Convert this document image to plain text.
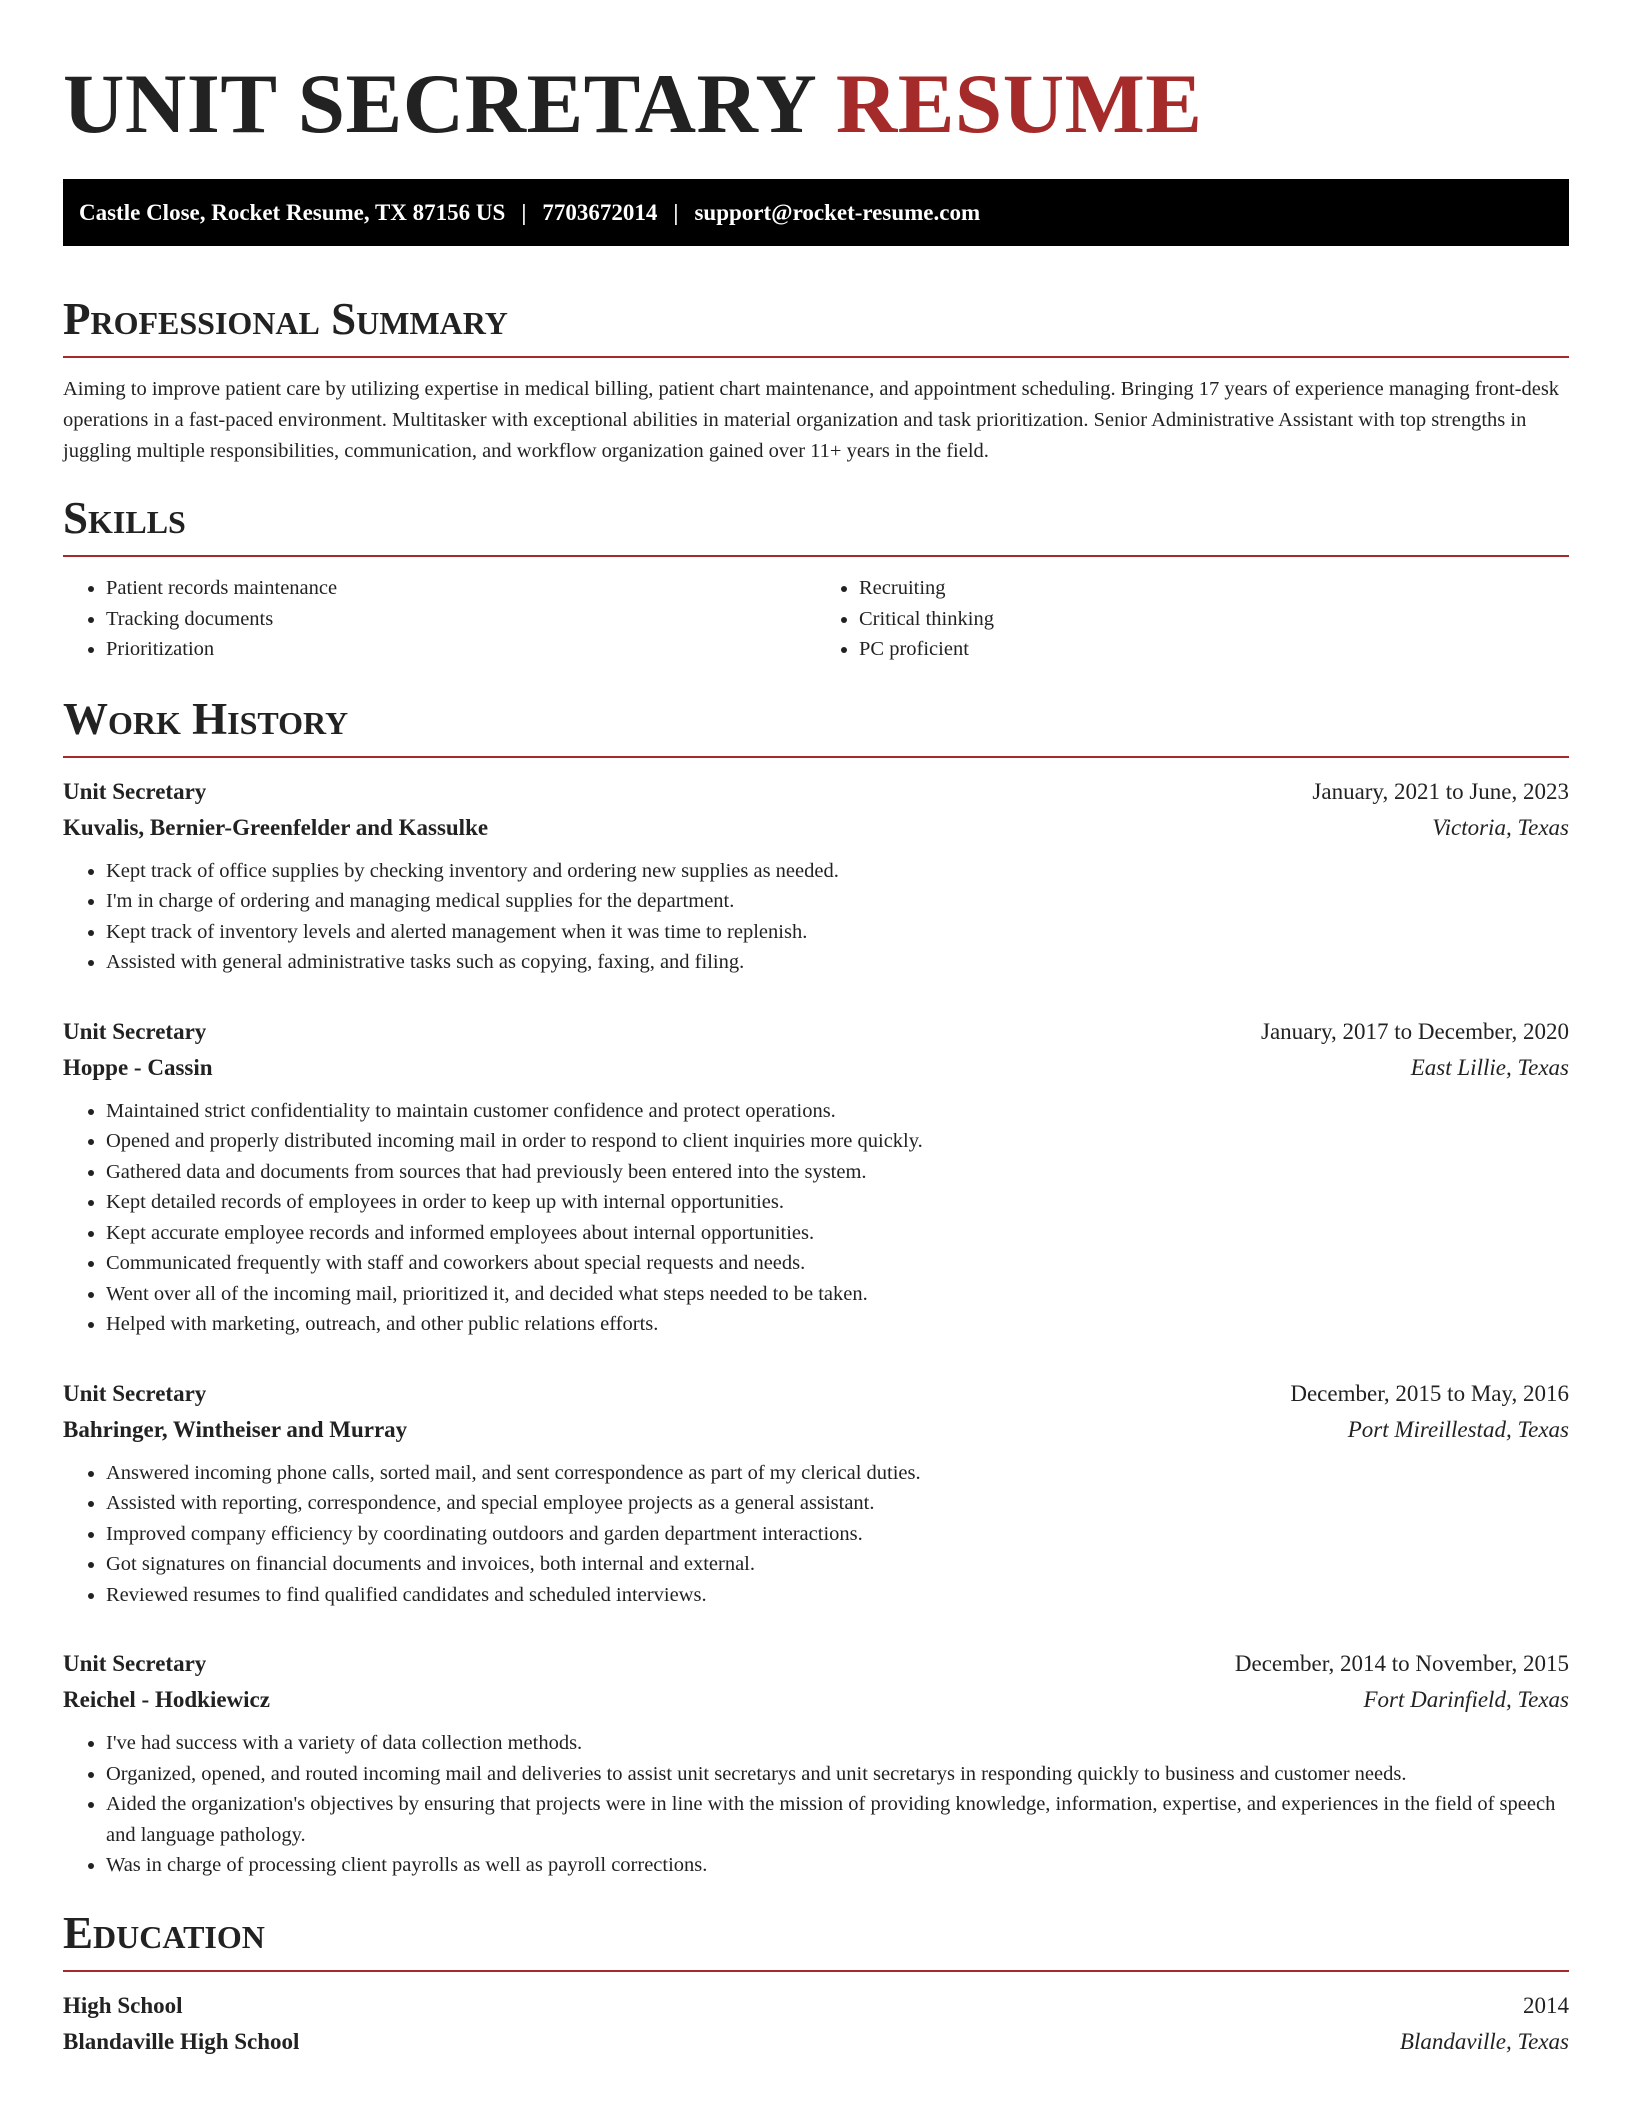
UNIT SECRETARY RESUME
Castle Close, Rocket Resume, TX 87156 US | 7703672014 | support@rocket-resume.com
Professional Summary

Aiming to improve patient care by utilizing expertise in medical billing, patient chart maintenance, and appointment scheduling. Bringing 17 years of experience managing front-desk operations in a fast-paced environment. Multitasker with exceptional abilities in material organization and task prioritization. Senior Administrative Assistant with top strengths in juggling multiple responsibilities, communication, and workflow organization gained over 11+ years in the field.

Skills
• Patient records maintenance
• Tracking documents
• Prioritization
• Recruiting
• Critical thinking
• PC proficient
Work History
Unit Secretary	January, 2021 to June, 2023
Kuvalis, Bernier-Greenfelder and Kassulke	Victoria, Texas
• Kept track of office supplies by checking inventory and ordering new supplies as needed.
• I'm in charge of ordering and managing medical supplies for the department.
• Kept track of inventory levels and alerted management when it was time to replenish.
• Assisted with general administrative tasks such as copying, faxing, and filing.
Unit Secretary	January, 2017 to December, 2020
Hoppe - Cassin	East Lillie, Texas
• Maintained strict confidentiality to maintain customer confidence and protect operations.
• Opened and properly distributed incoming mail in order to respond to client inquiries more quickly.
• Gathered data and documents from sources that had previously been entered into the system.
• Kept detailed records of employees in order to keep up with internal opportunities.
• Kept accurate employee records and informed employees about internal opportunities.
• Communicated frequently with staff and coworkers about special requests and needs.
• Went over all of the incoming mail, prioritized it, and decided what steps needed to be taken.
• Helped with marketing, outreach, and other public relations efforts.
Unit Secretary	December, 2015 to May, 2016
Bahringer, Wintheiser and Murray	Port Mireillestad, Texas
• Answered incoming phone calls, sorted mail, and sent correspondence as part of my clerical duties.
• Assisted with reporting, correspondence, and special employee projects as a general assistant.
• Improved company efficiency by coordinating outdoors and garden department interactions.
• Got signatures on financial documents and invoices, both internal and external.
• Reviewed resumes to find qualified candidates and scheduled interviews.
Unit Secretary	December, 2014 to November, 2015
Reichel - Hodkiewicz	Fort Darinfield, Texas
• I've had success with a variety of data collection methods.
• Organized, opened, and routed incoming mail and deliveries to assist unit secretarys and unit secretarys in responding quickly to business and customer needs.
• Aided the organization's objectives by ensuring that projects were in line with the mission of providing knowledge, information, expertise, and experiences in the field of speech and language pathology.
• Was in charge of processing client payrolls as well as payroll corrections.
Education
High School	2014
Blandaville High School	Blandaville, Texas
